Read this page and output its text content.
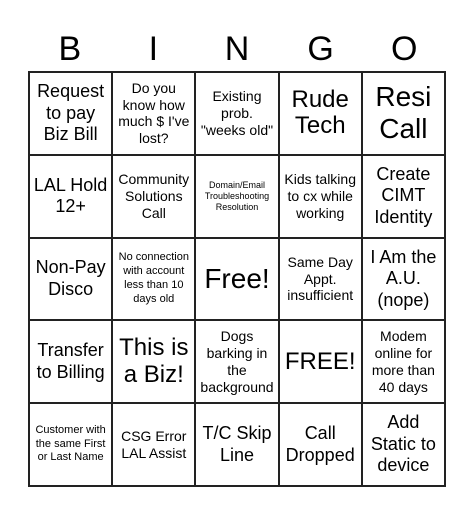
B	I	N	G	O
Request to pay Biz Bill
Do you know how much $ I've lost?
Existing prob. "weeks old"
Rude Tech
Resi Call
LAL Hold 12+
Community Solutions Call
Domain/Email Troubleshooting Resolution
Kids talking to cx while working
Create CIMT Identity
Non-Pay Disco
No connection with account less than 10 days old
Free!
Same Day Appt. insufficient
I Am the A.U. (nope)
Transfer to Billing
This is a Biz!
Dogs barking in the background
FREE!
Modem online for more than 40 days
Customer with the same First or Last Name
CSG Error LAL Assist
T/C Skip Line
Call Dropped
Add Static to device
